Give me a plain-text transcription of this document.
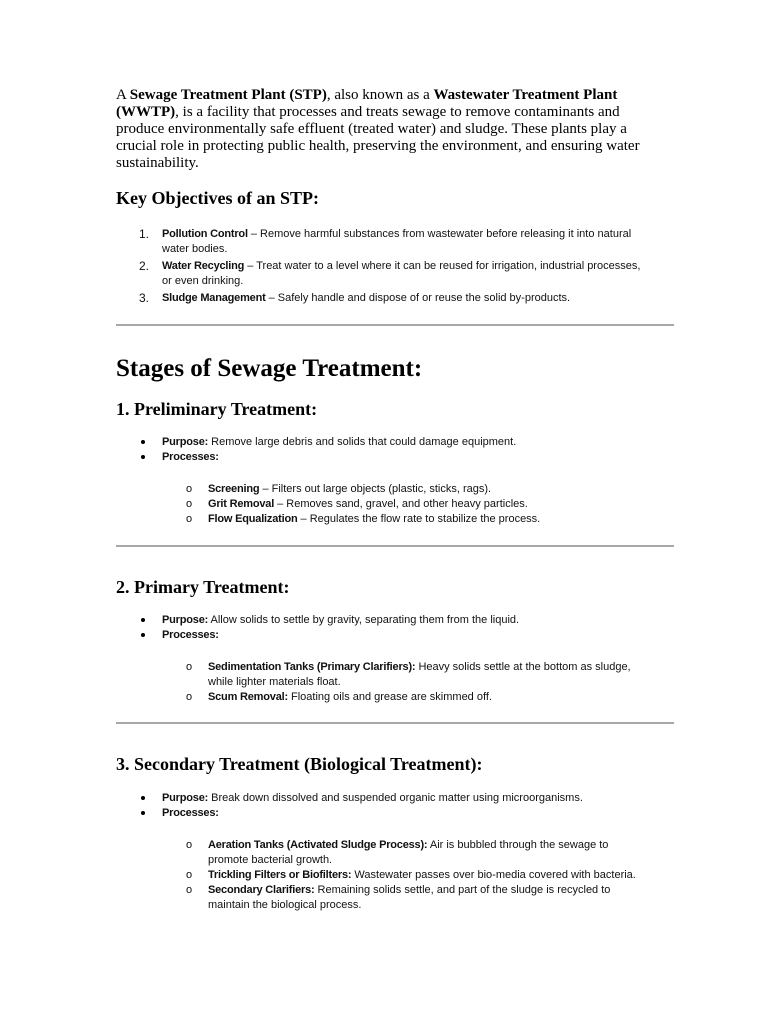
A Sewage Treatment Plant (STP), also known as a Wastewater Treatment Plant (WWTP), is a facility that processes and treats sewage to remove contaminants and produce environmentally safe effluent (treated water) and sludge. These plants play a crucial role in protecting public health, preserving the environment, and ensuring water sustainability.

Key Objectives of an STP:
1. Pollution Control – Remove harmful substances from wastewater before releasing it into natural water bodies.
2. Water Recycling – Treat water to a level where it can be reused for irrigation, industrial processes, or even drinking.
3. Sludge Management – Safely handle and dispose of or reuse the solid by-products.
Stages of Sewage Treatment:
1. Preliminary Treatment:
Purpose: Remove large debris and solids that could damage equipment.
Processes:
o Screening – Filters out large objects (plastic, sticks, rags).
o Grit Removal – Removes sand, gravel, and other heavy particles.
o Flow Equalization – Regulates the flow rate to stabilize the process.
2. Primary Treatment:
Purpose: Allow solids to settle by gravity, separating them from the liquid.
Processes:
o Sedimentation Tanks (Primary Clarifiers): Heavy solids settle at the bottom as sludge, while lighter materials float.
o Scum Removal: Floating oils and grease are skimmed off.
3. Secondary Treatment (Biological Treatment):
Purpose: Break down dissolved and suspended organic matter using microorganisms.
Processes:
o Aeration Tanks (Activated Sludge Process): Air is bubbled through the sewage to promote bacterial growth.
o Trickling Filters or Biofilters: Wastewater passes over bio-media covered with bacteria.
o Secondary Clarifiers: Remaining solids settle, and part of the sludge is recycled to maintain the biological process.
